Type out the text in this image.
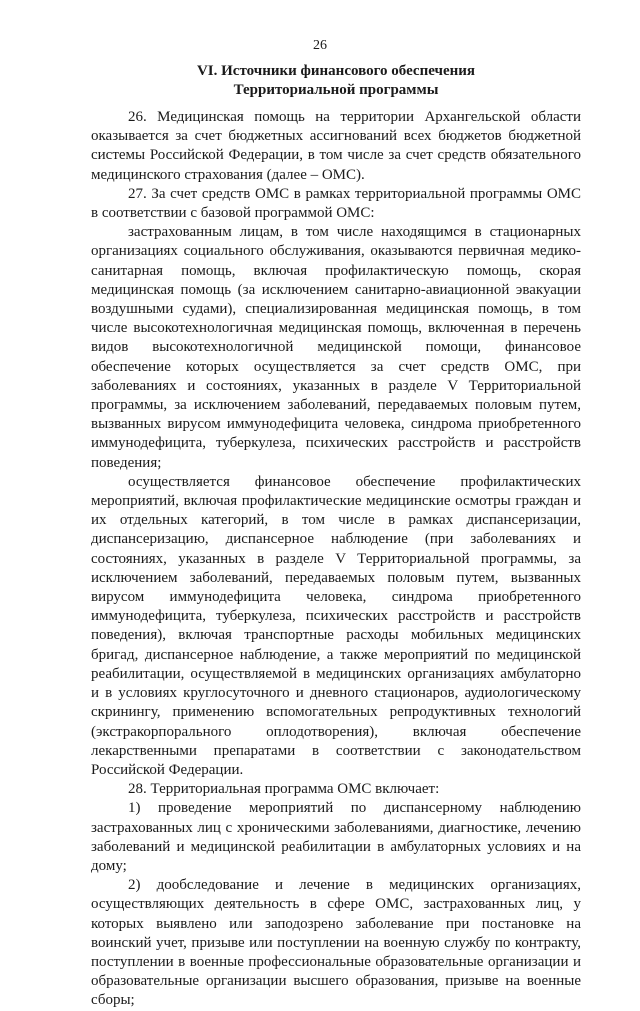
26
VI. Источники финансового обеспечения
Территориальной программы

26. Медицинская помощь на территории Архангельской области оказывается за счет бюджетных ассигнований всех бюджетов бюджетной системы Российской Федерации, в том числе за счет средств обязательного медицинского страхования (далее – ОМС).

27. За счет средств ОМС в рамках территориальной программы ОМС в соответствии с базовой программой ОМС:

застрахованным лицам, в том числе находящимся в стационарных организациях социального обслуживания, оказываются первичная медико-санитарная помощь, включая профилактическую помощь, скорая медицинская помощь (за исключением санитарно-авиационной эвакуации воздушными судами), специализированная медицинская помощь, в том числе высокотехнологичная медицинская помощь, включенная в перечень видов высокотехнологичной медицинской помощи, финансовое обеспечение которых осуществляется за счет средств ОМС, при заболеваниях и состояниях, указанных в разделе V Территориальной программы, за исключением заболеваний, передаваемых половым путем, вызванных вирусом иммунодефицита человека, синдрома приобретенного иммунодефицита, туберкулеза, психических расстройств и расстройств поведения;

осуществляется финансовое обеспечение профилактических мероприятий, включая профилактические медицинские осмотры граждан и их отдельных категорий, в том числе в рамках диспансеризации, диспансеризацию, диспансерное наблюдение (при заболеваниях и состояниях, указанных в разделе V Территориальной программы, за исключением заболеваний, передаваемых половым путем, вызванных вирусом иммунодефицита человека, синдрома приобретенного иммунодефицита, туберкулеза, психических расстройств и расстройств поведения), включая транспортные расходы мобильных медицинских бригад, диспансерное наблюдение, а также мероприятий по медицинской реабилитации, осуществляемой в медицинских организациях амбулаторно и в условиях круглосуточного и дневного стационаров, аудиологическому скринингу, применению вспомогательных репродуктивных технологий (экстракорпорального оплодотворения), включая обеспечение лекарственными препаратами в соответствии с законодательством Российской Федерации.

28. Территориальная программа ОМС включает:

1) проведение мероприятий по диспансерному наблюдению застрахованных лиц с хроническими заболеваниями, диагностике, лечению заболеваний и медицинской реабилитации в амбулаторных условиях и на дому;

2) дообследование и лечение в медицинских организациях, осуществляющих деятельность в сфере ОМС, застрахованных лиц, у которых выявлено или заподозрено заболевание при постановке на воинский учет, призыве или поступлении на военную службу по контракту, поступлении в военные профессиональные образовательные организации и образовательные организации высшего образования, призыве на военные сборы;
